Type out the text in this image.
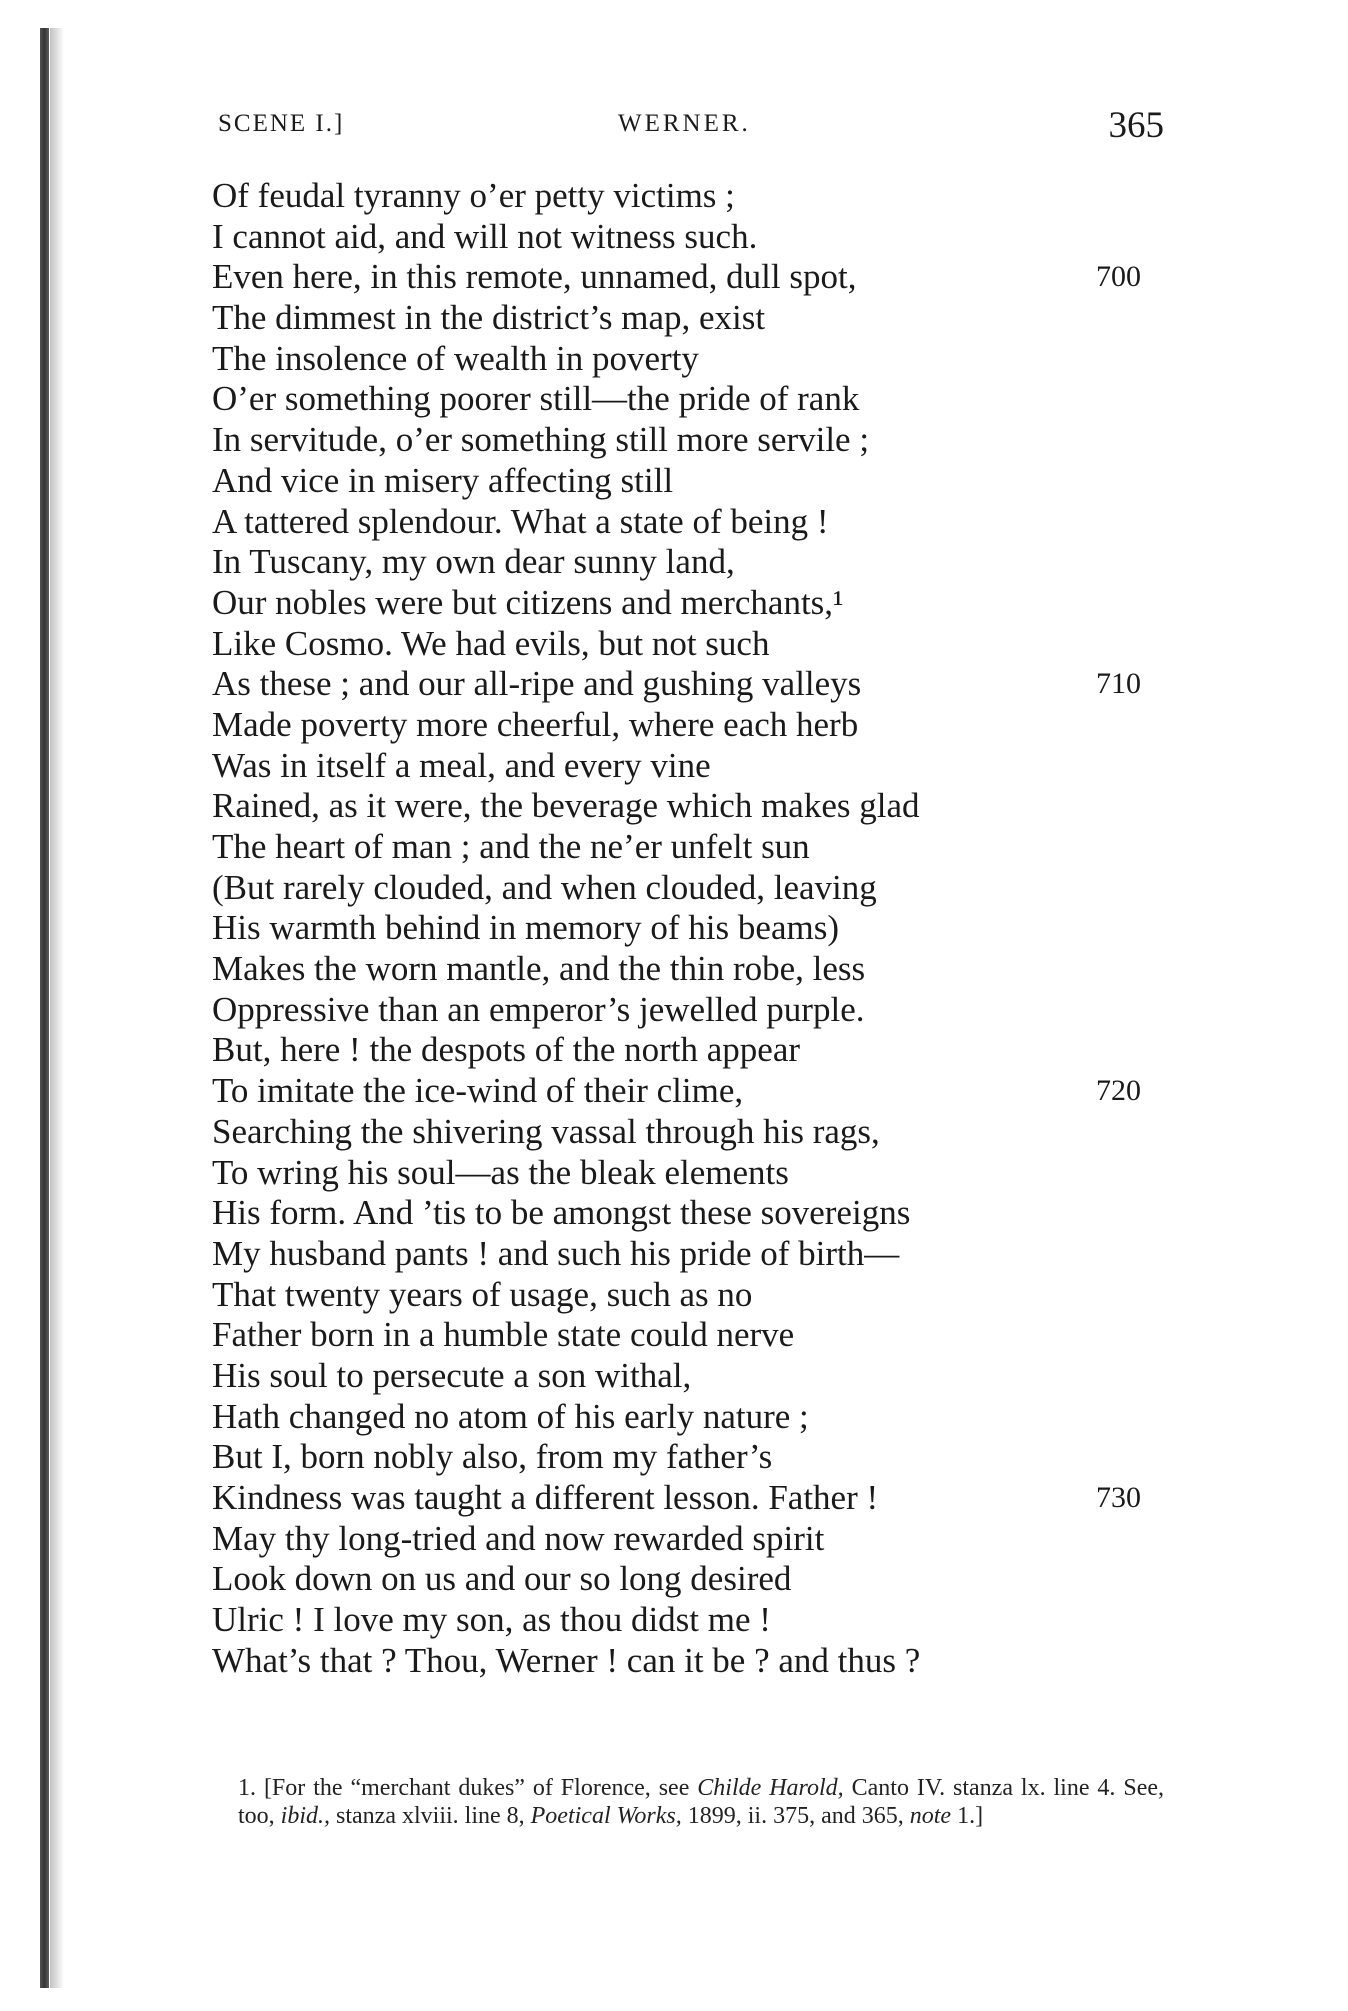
SCENE I.]	WERNER.	365
Of feudal tyranny o’er petty victims ;
I cannot aid, and will not witness such.
Even here, in this remote, unnamed, dull spot,	700
The dimmest in the district’s map, exist
The insolence of wealth in poverty
O’er something poorer still—the pride of rank
In servitude, o’er something still more servile ;
And vice in misery affecting still
A tattered splendour. What a state of being !
In Tuscany, my own dear sunny land,
Our nobles were but citizens and merchants,¹
Like Cosmo. We had evils, but not such
As these ; and our all-ripe and gushing valleys	710
Made poverty more cheerful, where each herb
Was in itself a meal, and every vine
Rained, as it were, the beverage which makes glad
The heart of man ; and the ne’er unfelt sun
(But rarely clouded, and when clouded, leaving
His warmth behind in memory of his beams)
Makes the worn mantle, and the thin robe, less
Oppressive than an emperor’s jewelled purple.
But, here ! the despots of the north appear
To imitate the ice-wind of their clime,	720
Searching the shivering vassal through his rags,
To wring his soul—as the bleak elements
His form. And ’tis to be amongst these sovereigns
My husband pants ! and such his pride of birth—
That twenty years of usage, such as no
Father born in a humble state could nerve
His soul to persecute a son withal,
Hath changed no atom of his early nature ;
But I, born nobly also, from my father’s
Kindness was taught a different lesson. Father !	730
May thy long-tried and now rewarded spirit
Look down on us and our so long desired
Ulric ! I love my son, as thou didst me !
What’s that ? Thou, Werner ! can it be ? and thus ?

1. [For the “merchant dukes” of Florence, see Childe Harold, Canto IV. stanza lx. line 4. See, too, ibid., stanza xlviii. line 8, Poetical Works, 1899, ii. 375, and 365, note 1.]
